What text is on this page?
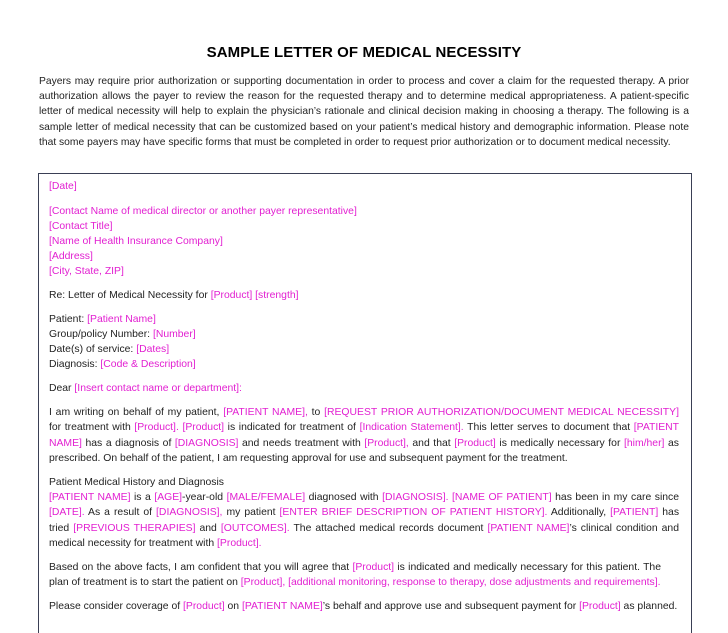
SAMPLE LETTER OF MEDICAL NECESSITY
Payers may require prior authorization or supporting documentation in order to process and cover a claim for the requested therapy. A prior authorization allows the payer to review the reason for the requested therapy and to determine medical appropriateness. A patient-specific letter of medical necessity will help to explain the physician’s rationale and clinical decision making in choosing a therapy. The following is a sample letter of medical necessity that can be customized based on your patient’s medical history and demographic information. Please note that some payers may have specific forms that must be completed in order to request prior authorization or to document medical necessity.
[Date]
[Contact Name of medical director or another payer representative]
[Contact Title]
[Name of Health Insurance Company]
[Address]
[City, State, ZIP]
Re: Letter of Medical Necessity for [Product] [strength]
Patient: [Patient Name]
Group/policy Number: [Number]
Date(s) of service: [Dates]
Diagnosis: [Code & Description]
Dear [Insert contact name or department]:
I am writing on behalf of my patient, [PATIENT NAME], to [REQUEST PRIOR AUTHORIZATION/DOCUMENT MEDICAL NECESSITY] for treatment with [Product]. [Product] is indicated for treatment of [Indication Statement]. This letter serves to document that [PATIENT NAME] has a diagnosis of [DIAGNOSIS] and needs treatment with [Product], and that [Product] is medically necessary for [him/her] as prescribed. On behalf of the patient, I am requesting approval for use and subsequent payment for the treatment.
Patient Medical History and Diagnosis
[PATIENT NAME] is a [AGE]-year-old [MALE/FEMALE] diagnosed with [DIAGNOSIS]. [NAME OF PATIENT] has been in my care since [DATE]. As a result of [DIAGNOSIS], my patient [ENTER BRIEF DESCRIPTION OF PATIENT HISTORY]. Additionally, [PATIENT] has tried [PREVIOUS THERAPIES] and [OUTCOMES]. The attached medical records document [PATIENT NAME]’s clinical condition and medical necessity for treatment with [Product].
Based on the above facts, I am confident that you will agree that [Product] is indicated and medically necessary for this patient. The plan of treatment is to start the patient on [Product], [additional monitoring, response to therapy, dose adjustments and requirements].
Please consider coverage of [Product] on [PATIENT NAME]’s behalf and approve use and subsequent payment for [Product] as planned.
